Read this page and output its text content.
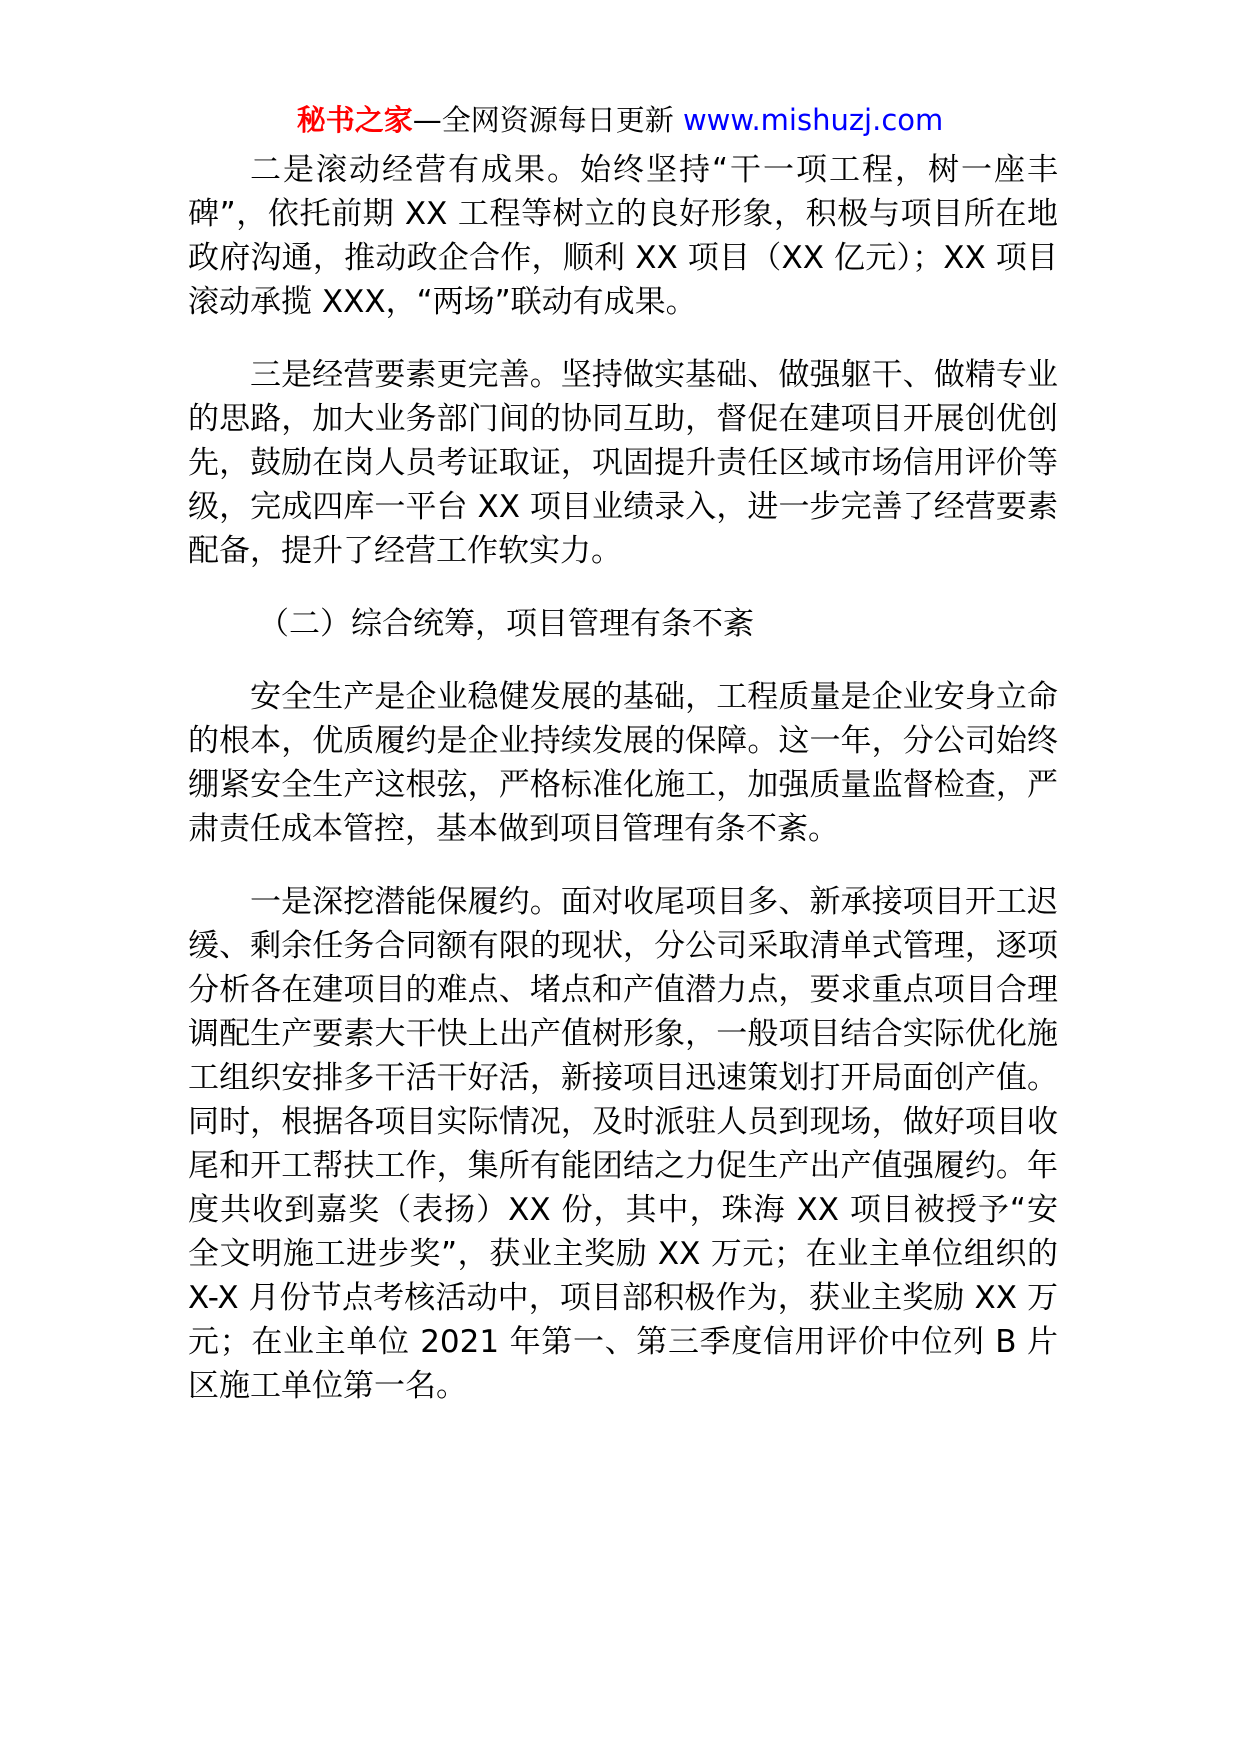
秘书之家—全网资源每日更新 www.mishuzj.com

二是滚动经营有成果。始终坚持“干一项工程，树一座丰碑”，依托前期 XX 工程等树立的良好形象，积极与项目所在地政府沟通，推动政企合作，顺利 XX 项目（XX 亿元）；XX 项目滚动承揽 XXX，“两场”联动有成果。

三是经营要素更完善。坚持做实基础、做强躯干、做精专业的思路，加大业务部门间的协同互助，督促在建项目开展创优创先，鼓励在岗人员考证取证，巩固提升责任区域市场信用评价等级，完成四库一平台 XX 项目业绩录入，进一步完善了经营要素配备，提升了经营工作软实力。

（二）综合统筹，项目管理有条不紊

安全生产是企业稳健发展的基础，工程质量是企业安身立命的根本，优质履约是企业持续发展的保障。这一年，分公司始终绷紧安全生产这根弦，严格标准化施工，加强质量监督检查，严肃责任成本管控，基本做到项目管理有条不紊。

一是深挖潜能保履约。面对收尾项目多、新承接项目开工迟缓、剩余任务合同额有限的现状，分公司采取清单式管理，逐项分析各在建项目的难点、堵点和产值潜力点，要求重点项目合理调配生产要素大干快上出产值树形象，一般项目结合实际优化施工组织安排多干活干好活，新接项目迅速策划打开局面创产值。同时，根据各项目实际情况，及时派驻人员到现场，做好项目收尾和开工帮扶工作，集所有能团结之力促生产出产值强履约。年度共收到嘉奖（表扬）XX 份，其中，珠海 XX 项目被授予“安全文明施工进步奖”，获业主奖励 XX 万元；在业主单位组织的 X-X 月份节点考核活动中，项目部积极作为，获业主奖励 XX 万元；在业主单位 2021 年第一、第三季度信用评价中位列 B 片区施工单位第一名。
